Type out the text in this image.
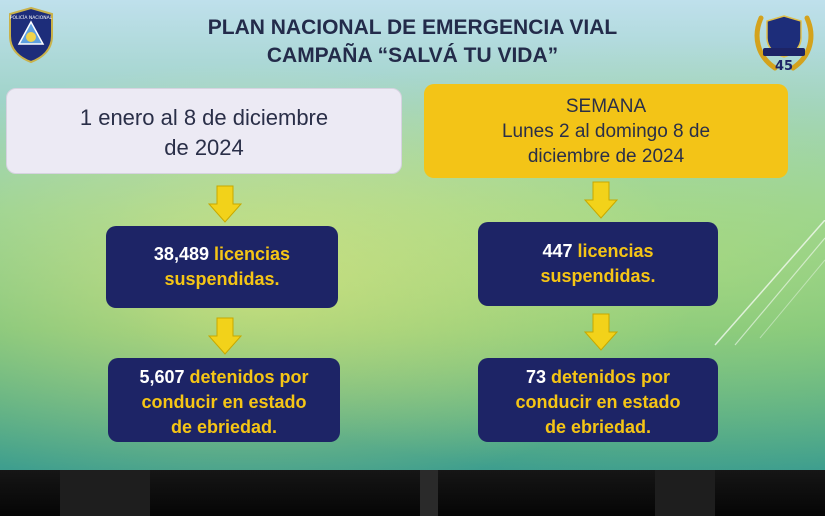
POLICÍA NACIONAL	PLAN NACIONAL DE EMERGENCIA VIAL
CAMPAÑA “SALVÁ TU VIDA”	45
1 enero al 8 de diciembre
de 2024
SEMANA
Lunes 2 al domingo 8 de
diciembre de 2024
38,489 licencias
suspendidas.
5,607 detenidos por
conducir en estado
de ebriedad.
447 licencias
suspendidas.
73 detenidos por
conducir en estado
de ebriedad.
